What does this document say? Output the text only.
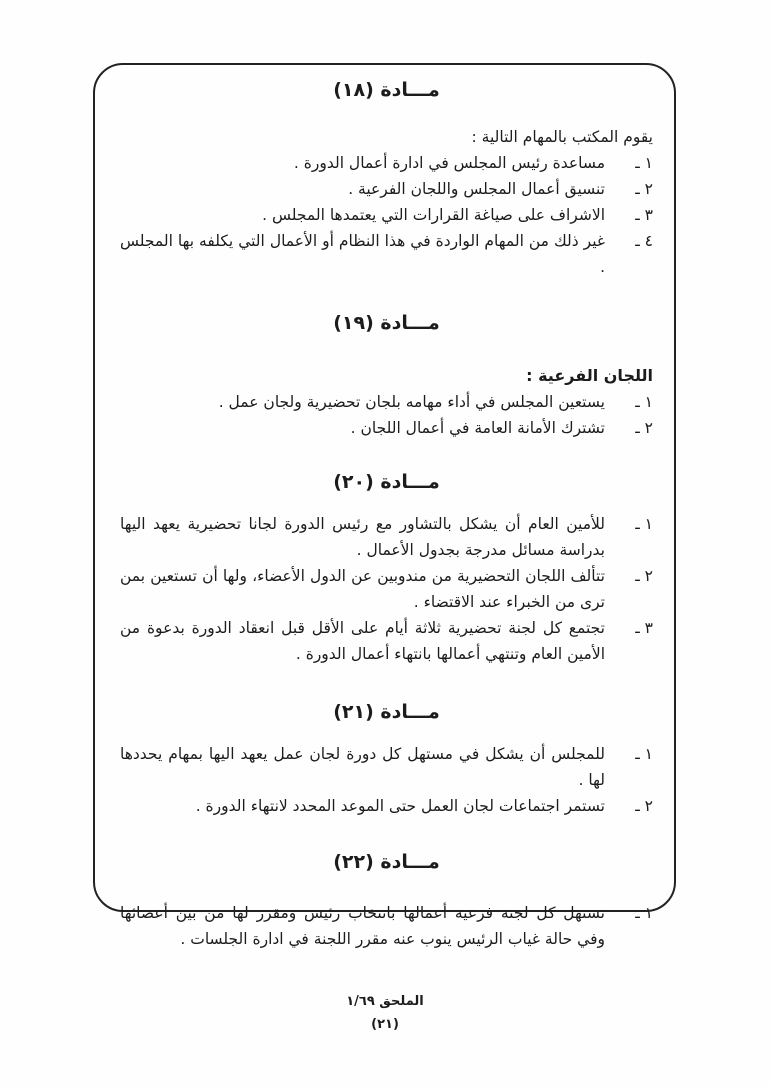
مـــادة (١٨)

يقوم المكتب بالمهام التالية :

١ ـ
مساعدة رئيس المجلس في ادارة أعمال الدورة .
٢ ـ
تنسيق أعمال المجلس واللجان الفرعية .
٣ ـ
الاشراف على صياغة القرارات التي يعتمدها المجلس .
٤ ـ
غير ذلك من المهام الواردة في هذا النظام أو الأعمال التي يكلفه بها المجلس .
مـــادة (١٩)

اللجان الفرعية :

١ ـ
يستعين المجلس في أداء مهامه بلجان تحضيرية ولجان عمل .
٢ ـ
تشترك الأمانة العامة في أعمال اللجان .
مـــادة (٢٠)
١ ـ
للأمين العام أن يشكل بالتشاور مع رئيس الدورة لجانا تحضيرية يعهد اليها بدراسة مسائل مدرجة بجدول الأعمال .
٢ ـ
تتألف اللجان التحضيرية من مندوبين عن الدول الأعضاء، ولها أن تستعين بمن ترى من الخبراء عند الاقتضاء .
٣ ـ
تجتمع كل لجنة تحضيرية ثلاثة أيام على الأقل قبل انعقاد الدورة بدعوة من الأمين العام وتنتهي أعمالها بانتهاء أعمال الدورة .
مـــادة (٢١)
١ ـ
للمجلس أن يشكل في مستهل كل دورة لجان عمل يعهد اليها بمهام يحددها لها .
٢ ـ
تستمر اجتماعات لجان العمل حتى الموعد المحدد لانتهاء الدورة .
مـــادة (٢٢)
١ ـ
تستهل كل لجنة فرعية أعمالها بانتخاب رئيس ومقرر لها من بين أعضائها وفي حالة غياب الرئيس ينوب عنه مقرر اللجنة في ادارة الجلسات .
الملحق ١/٦٩
(٢١)
